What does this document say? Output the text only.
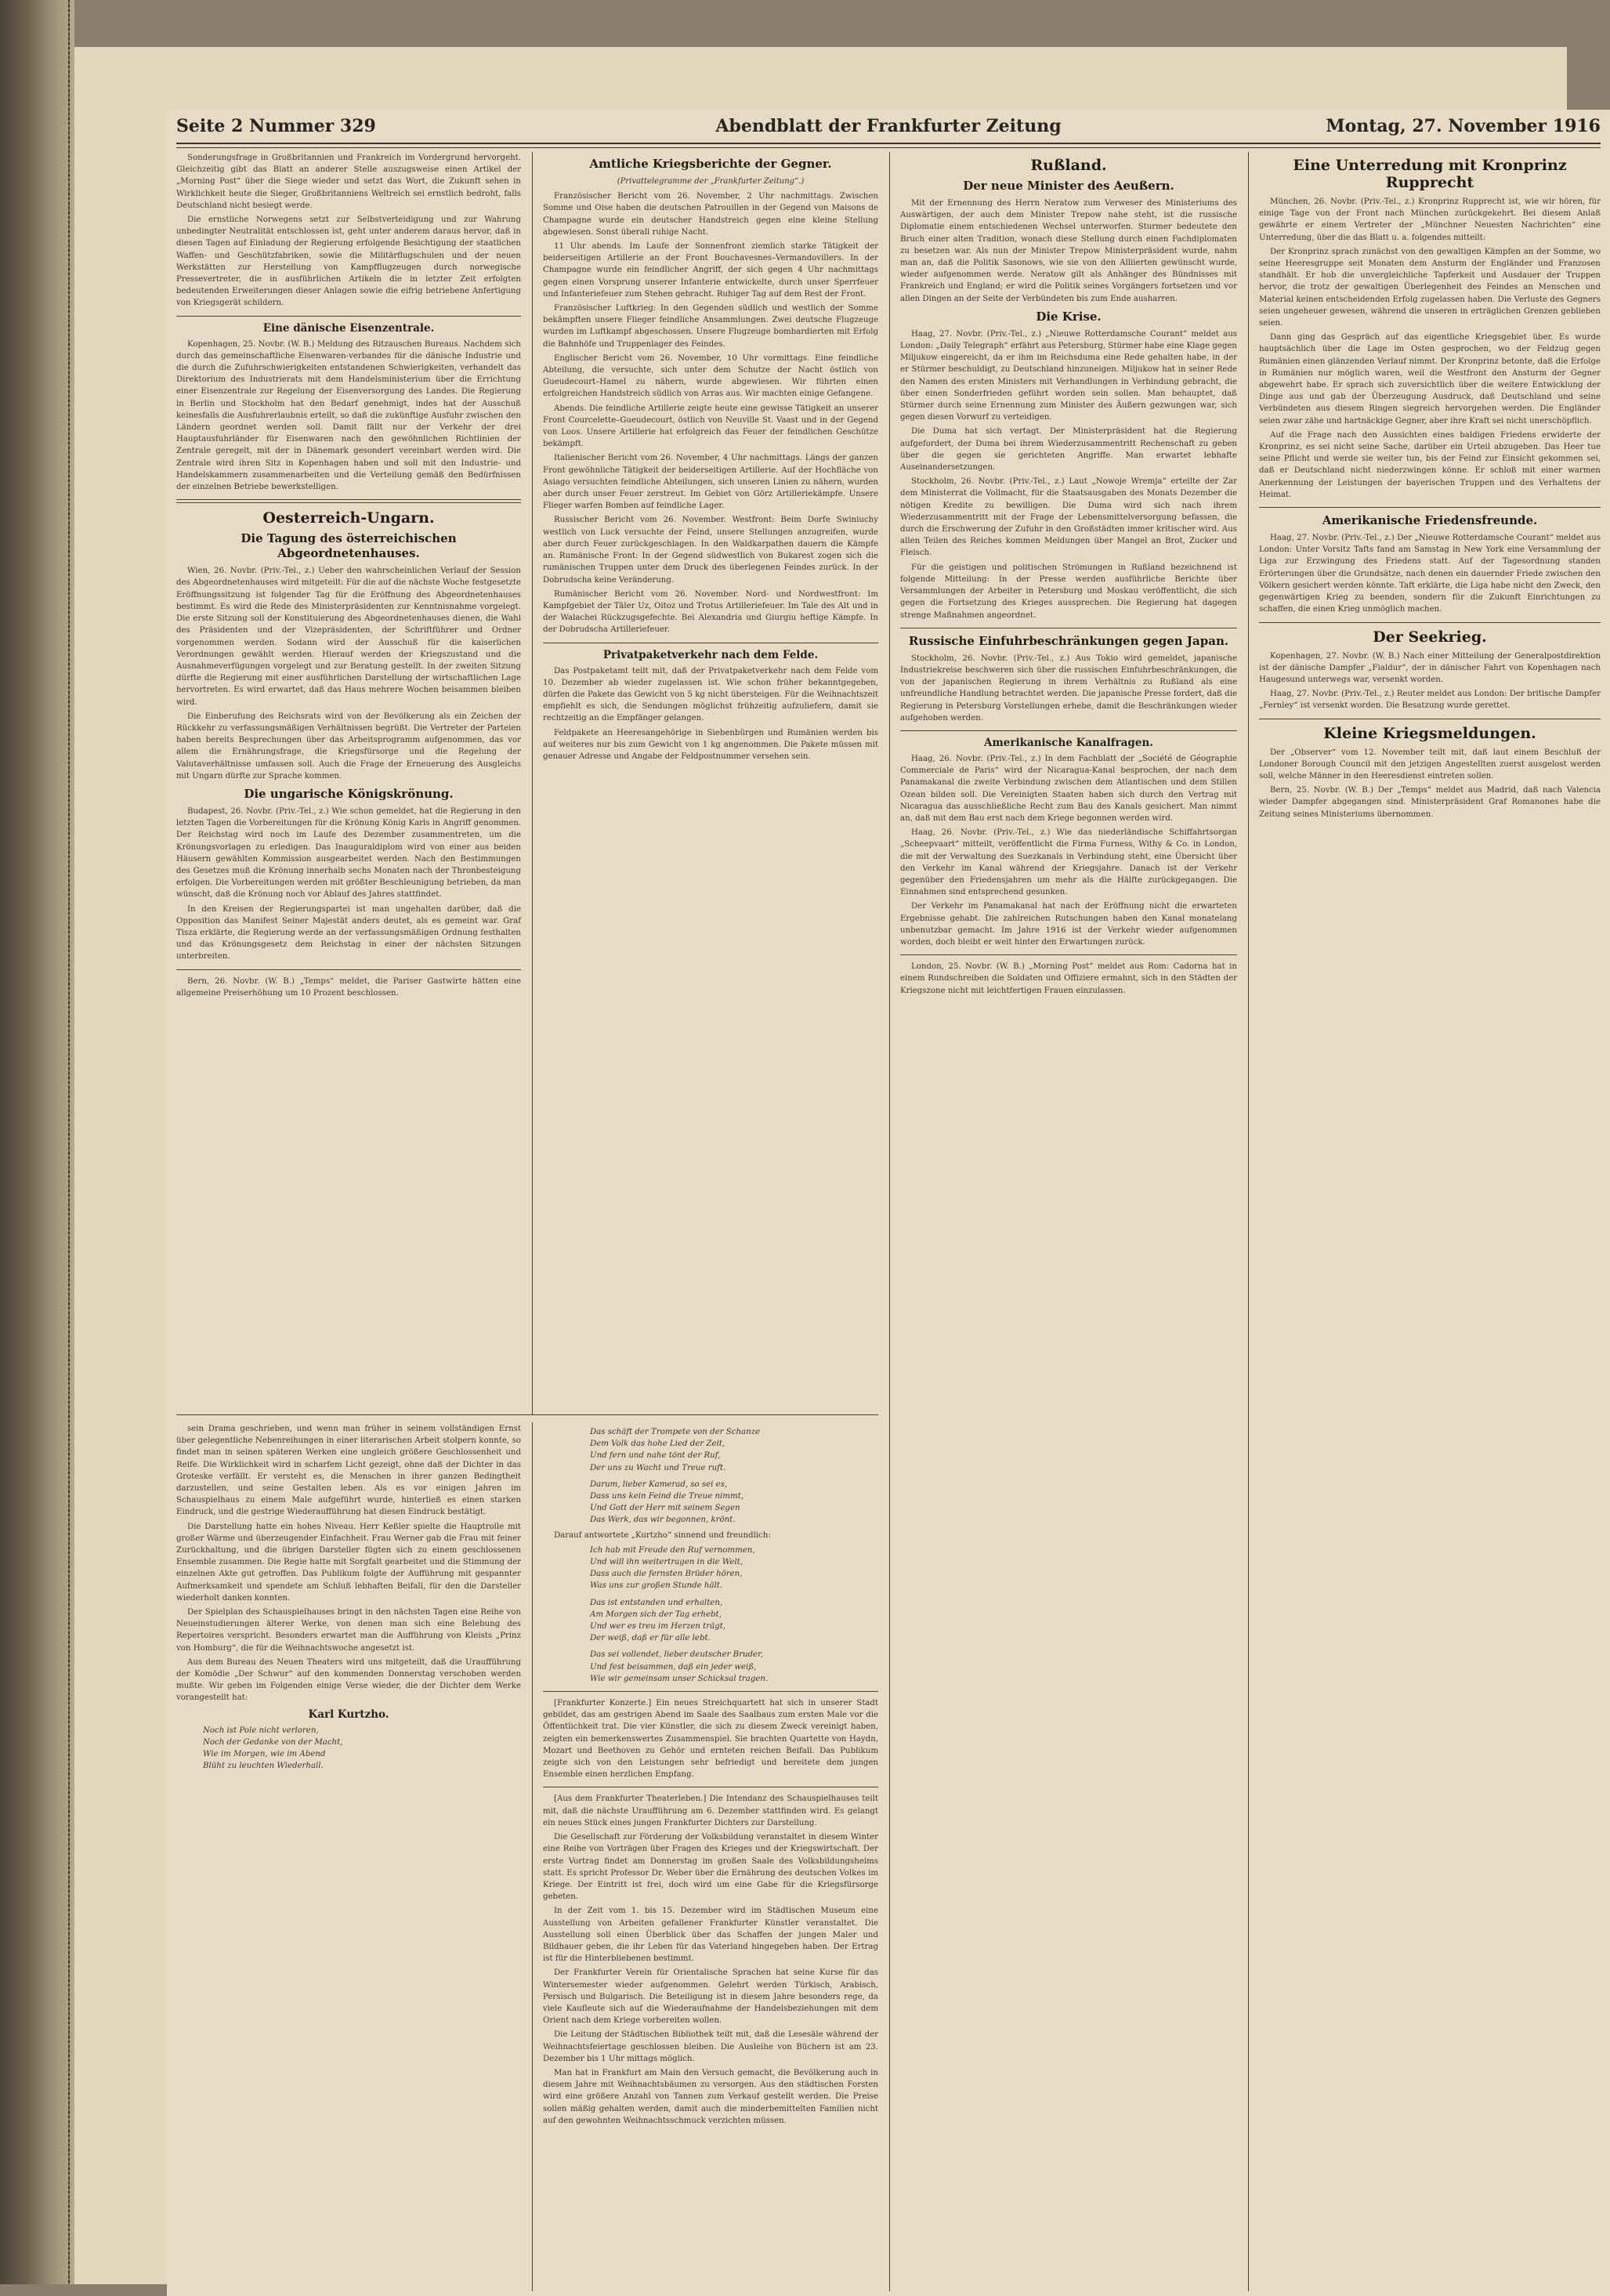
Seite 2 Nummer 329	Abendblatt der Frankfurter Zeitung	Montag, 27. November 1916

Sonderungsfrage in Großbritannien und Frankreich im Vordergrund hervorgeht. Gleichzeitig gibt das Blatt an anderer Stelle auszugsweise einen Artikel der „Morning Post“ über die Siege wieder und setzt das Wort, die Zukunft sehen in Wirklichkeit heute die Sieger, Großbritanniens Weltreich sei ernstlich bedroht, falls Deutschland nicht besiegt werde.

Die ernstliche Norwegens setzt zur Selbstverteidigung und zur Wahrung unbedingter Neutralität entschlossen ist, geht unter anderem daraus hervor, daß in diesen Tagen auf Einladung der Regierung erfolgende Besichtigung der staatlichen Waffen- und Geschützfabriken, sowie die Militärflugschulen und der neuen Werkstätten zur Herstellung von Kampfflugzeugen durch norwegische Pressevertreter, die in ausführlichen Artikeln die in letzter Zeit erfolgten bedeutenden Erweiterungen dieser Anlagen sowie die eifrig betriebene Anfertigung von Kriegsgerät schildern.

Eine dänische Eisenzentrale.

Kopenhagen, 25. Novbr. (W. B.) Meldung des Ritzauschen Bureaus. Nachdem sich durch das gemeinschaftliche Eisenwaren-verbandes für die dänische Industrie und die durch die Zufuhrschwierigkeiten entstandenen Schwierigkeiten, verhandelt das Direktorium des Industrierats mit dem Handelsministerium über die Errichtung einer Eisenzentrale zur Regelung der Eisenversorgung des Landes. Die Regierung in Berlin und Stockholm hat den Bedarf genehmigt, indes hat der Ausschuß keinesfalls die Ausfuhrerlaubnis erteilt, so daß die zukünftige Ausfuhr zwischen den Ländern geordnet werden soll. Damit fällt nur der Verkehr der drei Hauptausfuhrländer für Eisenwaren nach den gewöhnlichen Richtlinien der Zentrale geregelt, mit der in Dänemark gesondert vereinbart werden wird. Die Zentrale wird ihren Sitz in Kopenhagen haben und soll mit den Industrie- und Handelskammern zusammenarbeiten und die Verteilung gemäß den Bedürfnissen der einzelnen Betriebe bewerkstelligen.

Oesterreich-Ungarn.
Die Tagung des österreichischen Abgeordnetenhauses.

Wien, 26. Novbr. (Priv.-Tel., z.) Ueber den wahrscheinlichen Verlauf der Session des Abgeordnetenhauses wird mitgeteilt: Für die auf die nächste Woche festgesetzte Eröffnungssitzung ist folgender Tag für die Eröffnung des Abgeordnetenhauses bestimmt. Es wird die Rede des Ministerpräsidenten zur Kenntnisnahme vorgelegt. Die erste Sitzung soll der Konstituierung des Abgeordnetenhauses dienen, die Wahl des Präsidenten und der Vizepräsidenten, der Schriftführer und Ordner vorgenommen werden. Sodann wird der Ausschuß für die kaiserlichen Verordnungen gewählt werden. Hierauf werden der Kriegszustand und die Ausnahmeverfügungen vorgelegt und zur Beratung gestellt. In der zweiten Sitzung dürfte die Regierung mit einer ausführlichen Darstellung der wirtschaftlichen Lage hervortreten. Es wird erwartet, daß das Haus mehrere Wochen beisammen bleiben wird.

Die Einberufung des Reichsrats wird von der Bevölkerung als ein Zeichen der Rückkehr zu verfassungsmäßigen Verhältnissen begrüßt. Die Vertreter der Parteien haben bereits Besprechungen über das Arbeitsprogramm aufgenommen, das vor allem die Ernährungsfrage, die Kriegsfürsorge und die Regelung der Valutaverhältnisse umfassen soll. Auch die Frage der Erneuerung des Ausgleichs mit Ungarn dürfte zur Sprache kommen.

Die ungarische Königskrönung.

Budapest, 26. Novbr. (Priv.-Tel., z.) Wie schon gemeldet, hat die Regierung in den letzten Tagen die Vorbereitungen für die Krönung König Karls in Angriff genommen. Der Reichstag wird noch im Laufe des Dezember zusammentreten, um die Krönungsvorlagen zu erledigen. Das Inauguraldiplom wird von einer aus beiden Häusern gewählten Kommission ausgearbeitet werden. Nach den Bestimmungen des Gesetzes muß die Krönung innerhalb sechs Monaten nach der Thronbesteigung erfolgen. Die Vorbereitungen werden mit größter Beschleunigung betrieben, da man wünscht, daß die Krönung noch vor Ablauf des Jahres stattfindet.

In den Kreisen der Regierungspartei ist man ungehalten darüber, daß die Opposition das Manifest Seiner Majestät anders deutet, als es gemeint war. Graf Tisza erklärte, die Regierung werde an der verfassungsmäßigen Ordnung festhalten und das Krönungsgesetz dem Reichstag in einer der nächsten Sitzungen unterbreiten.

Bern, 26. Novbr. (W. B.) „Temps“ meldet, die Pariser Gastwirte hätten eine allgemeine Preiserhöhung um 10 Prozent beschlossen.

Amtliche Kriegsberichte der Gegner.
(Privattelegramme der „Frankfurter Zeitung“.)

Französischer Bericht vom 26. November, 2 Uhr nachmittags. Zwischen Somme und Oise haben die deutschen Patrouillen in der Gegend von Maisons de Champagne wurde ein deutscher Handstreich gegen eine kleine Stellung abgewiesen. Sonst überall ruhige Nacht.

11 Uhr abends. Im Laufe der Sonnenfront ziemlich starke Tätigkeit der beiderseitigen Artillerie an der Front Bouchavesnes–Vermandovillers. In der Champagne wurde ein feindlicher Angriff, der sich gegen 4 Uhr nachmittags gegen einen Vorsprung unserer Infanterie entwickelte, durch unser Sperrfeuer und Infanteriefeuer zum Stehen gebracht. Ruhiger Tag auf dem Rest der Front.

Französischer Luftkrieg: In den Gegenden südlich und westlich der Somme bekämpften unsere Flieger feindliche Ansammlungen. Zwei deutsche Flugzeuge wurden im Luftkampf abgeschossen. Unsere Flugzeuge bombardierten mit Erfolg die Bahnhöfe und Truppenlager des Feindes.

Englischer Bericht vom 26. November, 10 Uhr vormittags. Eine feindliche Abteilung, die versuchte, sich unter dem Schutze der Nacht östlich von Gueudecourt–Hamel zu nähern, wurde abgewiesen. Wir führten einen erfolgreichen Handstreich südlich von Arras aus. Wir machten einige Gefangene.

Abends. Die feindliche Artillerie zeigte heute eine gewisse Tätigkeit an unserer Front Courcelette–Gueudecourt, östlich von Neuville St. Vaast und in der Gegend von Loos. Unsere Artillerie hat erfolgreich das Feuer der feindlichen Geschütze bekämpft.

Italienischer Bericht vom 26. November, 4 Uhr nachmittags. Längs der ganzen Front gewöhnliche Tätigkeit der beiderseitigen Artillerie. Auf der Hochfläche von Asiago versuchten feindliche Abteilungen, sich unseren Linien zu nähern, wurden aber durch unser Feuer zerstreut. Im Gebiet von Görz Artilleriekämpfe. Unsere Flieger warfen Bomben auf feindliche Lager.

Russischer Bericht vom 26. November. Westfront: Beim Dorfe Swiniuchy westlich von Luck versuchte der Feind, unsere Stellungen anzugreifen, wurde aber durch Feuer zurückgeschlagen. In den Waldkarpathen dauern die Kämpfe an. Rumänische Front: In der Gegend südwestlich von Bukarest zogen sich die rumänischen Truppen unter dem Druck des überlegenen Feindes zurück. In der Dobrudscha keine Veränderung.

Rumänischer Bericht vom 26. November. Nord- und Nordwestfront: Im Kampfgebiet der Täler Uz, Oitoz und Trotus Artilleriefeuer. Im Tale des Alt und in der Walachei Rückzugsgefechte. Bei Alexandria und Giurgiu heftige Kämpfe. In der Dobrudscha Artilleriefeuer.

Privatpaketverkehr nach dem Felde.

Das Postpaketamt teilt mit, daß der Privatpaketverkehr nach dem Felde vom 10. Dezember ab wieder zugelassen ist. Wie schon früher bekanntgegeben, dürfen die Pakete das Gewicht von 5 kg nicht übersteigen. Für die Weihnachtszeit empfiehlt es sich, die Sendungen möglichst frühzeitig aufzuliefern, damit sie rechtzeitig an die Empfänger gelangen.

Feldpakete an Heeresangehörige in Siebenbürgen und Rumänien werden bis auf weiteres nur bis zum Gewicht von 1 kg angenommen. Die Pakete müssen mit genauer Adresse und Angabe der Feldpostnummer versehen sein.

Rußland.
Der neue Minister des Aeußern.

Mit der Ernennung des Herrn Neratow zum Verweser des Ministeriums des Auswärtigen, der auch dem Minister Trepow nahe steht, ist die russische Diplomatie einem entschiedenen Wechsel unterworfen. Sturmer bedeutete den Bruch einer alten Tradition, wonach diese Stellung durch einen Fachdiplomaten zu besetzen war. Als nun der Minister Trepow Ministerpräsident wurde, nahm man an, daß die Politik Sasonows, wie sie von den Alliierten gewünscht wurde, wieder aufgenommen werde. Neratow gilt als Anhänger des Bündnisses mit Frankreich und England; er wird die Politik seines Vorgängers fortsetzen und vor allen Dingen an der Seite der Verbündeten bis zum Ende ausharren.

Die Krise.

Haag, 27. Novbr. (Priv.-Tel., z.) „Nieuwe Rotterdamsche Courant“ meldet aus London: „Daily Telegraph“ erfährt aus Petersburg, Stürmer habe eine Klage gegen Miljukow eingereicht, da er ihm im Reichsduma eine Rede gehalten habe, in der er Stürmer beschuldigt, zu Deutschland hinzuneigen. Miljukow hat in seiner Rede den Namen des ersten Ministers mit Verhandlungen in Verbindung gebracht, die über einen Sonderfrieden geführt worden sein sollen. Man behauptet, daß Stürmer durch seine Ernennung zum Minister des Äußern gezwungen war, sich gegen diesen Vorwurf zu verteidigen.

Die Duma hat sich vertagt. Der Ministerpräsident hat die Regierung aufgefordert, der Duma bei ihrem Wiederzusammentritt Rechenschaft zu geben über die gegen sie gerichteten Angriffe. Man erwartet lebhafte Auseinandersetzungen.

Stockholm, 26. Novbr. (Priv.-Tel., z.) Laut „Nowoje Wremja“ erteilte der Zar dem Ministerrat die Vollmacht, für die Staatsausgaben des Monats Dezember die nötigen Kredite zu bewilligen. Die Duma wird sich nach ihrem Wiederzusammentritt mit der Frage der Lebensmittelversorgung befassen, die durch die Erschwerung der Zufuhr in den Großstädten immer kritischer wird. Aus allen Teilen des Reiches kommen Meldungen über Mangel an Brot, Zucker und Fleisch.

Für die geistigen und politischen Strömungen in Rußland bezeichnend ist folgende Mitteilung: In der Presse werden ausführliche Berichte über Versammlungen der Arbeiter in Petersburg und Moskau veröffentlicht, die sich gegen die Fortsetzung des Krieges aussprechen. Die Regierung hat dagegen strenge Maßnahmen angeordnet.

Russische Einfuhrbeschränkungen gegen Japan.

Stockholm, 26. Novbr. (Priv.-Tel., z.) Aus Tokio wird gemeldet, japanische Industriekreise beschweren sich über die russischen Einfuhrbeschränkungen, die von der japanischen Regierung in ihrem Verhältnis zu Rußland als eine unfreundliche Handlung betrachtet werden. Die japanische Presse fordert, daß die Regierung in Petersburg Vorstellungen erhebe, damit die Beschränkungen wieder aufgehoben werden.

Amerikanische Kanalfragen.

Haag, 26. Novbr. (Priv.-Tel., z.) In dem Fachblatt der „Société de Géographie Commerciale de Paris“ wird der Nicaragua-Kanal besprochen, der nach dem Panamakanal die zweite Verbindung zwischen dem Atlantischen und dem Stillen Ozean bilden soll. Die Vereinigten Staaten haben sich durch den Vertrag mit Nicaragua das ausschließliche Recht zum Bau des Kanals gesichert. Man nimmt an, daß mit dem Bau erst nach dem Kriege begonnen werden wird.

Haag, 26. Novbr. (Priv.-Tel., z.) Wie das niederländische Schiffahrtsorgan „Scheepvaart“ mitteilt, veröffentlicht die Firma Furness, Withy & Co. in London, die mit der Verwaltung des Suezkanals in Verbindung steht, eine Übersicht über den Verkehr im Kanal während der Kriegsjahre. Danach ist der Verkehr gegenüber den Friedensjahren um mehr als die Hälfte zurückgegangen. Die Einnahmen sind entsprechend gesunken.

Der Verkehr im Panamakanal hat nach der Eröffnung nicht die erwarteten Ergebnisse gehabt. Die zahlreichen Rutschungen haben den Kanal monatelang unbenutzbar gemacht. Im Jahre 1916 ist der Verkehr wieder aufgenommen worden, doch bleibt er weit hinter den Erwartungen zurück.

London, 25. Novbr. (W. B.) „Morning Post“ meldet aus Rom: Cadorna hat in einem Rundschreiben die Soldaten und Offiziere ermahnt, sich in den Städten der Kriegszone nicht mit leichtfertigen Frauen einzulassen.

Eine Unterredung mit Kronprinz Rupprecht

München, 26. Novbr. (Priv.-Tel., z.) Kronprinz Rupprecht ist, wie wir hören, für einige Tage von der Front nach München zurückgekehrt. Bei diesem Anlaß gewährte er einem Vertreter der „Münchner Neuesten Nachrichten“ eine Unterredung, über die das Blatt u. a. folgendes mitteilt:

Der Kronprinz sprach zunächst von den gewaltigen Kämpfen an der Somme, wo seine Heeresgruppe seit Monaten dem Ansturm der Engländer und Franzosen standhält. Er hob die unvergleichliche Tapferkeit und Ausdauer der Truppen hervor, die trotz der gewaltigen Überlegenheit des Feindes an Menschen und Material keinen entscheidenden Erfolg zugelassen haben. Die Verluste des Gegners seien ungeheuer gewesen, während die unseren in erträglichen Grenzen geblieben seien.

Dann ging das Gespräch auf das eigentliche Kriegsgebiet über. Es wurde hauptsächlich über die Lage im Osten gesprochen, wo der Feldzug gegen Rumänien einen glänzenden Verlauf nimmt. Der Kronprinz betonte, daß die Erfolge in Rumänien nur möglich waren, weil die Westfront den Ansturm der Gegner abgewehrt habe. Er sprach sich zuversichtlich über die weitere Entwicklung der Dinge aus und gab der Überzeugung Ausdruck, daß Deutschland und seine Verbündeten aus diesem Ringen siegreich hervorgehen werden. Die Engländer seien zwar zähe und hartnäckige Gegner, aber ihre Kraft sei nicht unerschöpflich.

Auf die Frage nach den Aussichten eines baldigen Friedens erwiderte der Kronprinz, es sei nicht seine Sache, darüber ein Urteil abzugeben. Das Heer tue seine Pflicht und werde sie weiter tun, bis der Feind zur Einsicht gekommen sei, daß er Deutschland nicht niederzwingen könne. Er schloß mit einer warmen Anerkennung der Leistungen der bayerischen Truppen und des Verhaltens der Heimat.

Amerikanische Friedensfreunde.

Haag, 27. Novbr. (Priv.-Tel., z.) Der „Nieuwe Rotterdamsche Courant“ meldet aus London: Unter Vorsitz Tafts fand am Samstag in New York eine Versammlung der Liga zur Erzwingung des Friedens statt. Auf der Tagesordnung standen Erörterungen über die Grundsätze, nach denen ein dauernder Friede zwischen den Völkern gesichert werden könnte. Taft erklärte, die Liga habe nicht den Zweck, den gegenwärtigen Krieg zu beenden, sondern für die Zukunft Einrichtungen zu schaffen, die einen Krieg unmöglich machen.

Der Seekrieg.

Kopenhagen, 27. Novbr. (W. B.) Nach einer Mitteilung der Generalpostdirektion ist der dänische Dampfer „Fialdur“, der in dänischer Fahrt von Kopenhagen nach Haugesund unterwegs war, versenkt worden.

Haag, 27. Novbr. (Priv.-Tel., z.) Reuter meldet aus London: Der britische Dampfer „Fernley“ ist versenkt worden. Die Besatzung wurde gerettet.

Kleine Kriegsmeldungen.

Der „Observer“ vom 12. November teilt mit, daß laut einem Beschluß der Londoner Borough Council mit den jetzigen Angestellten zuerst ausgelost werden soll, welche Männer in den Heeresdienst eintreten sollen.

Bern, 25. Novbr. (W. B.) Der „Temps“ meldet aus Madrid, daß nach Valencia wieder Dampfer abgegangen sind. Ministerpräsident Graf Romanones habe die Zeitung seines Ministeriums übernommen.

sein Drama geschrieben, und wenn man früher in seinem vollständigen Ernst über gelegentliche Nebenreihungen in einer literarischen Arbeit stolpern konnte, so findet man in seinen späteren Werken eine ungleich größere Geschlossenheit und Reife. Die Wirklichkeit wird in scharfem Licht gezeigt, ohne daß der Dichter in das Groteske verfällt. Er versteht es, die Menschen in ihrer ganzen Bedingtheit darzustellen, und seine Gestalten leben. Als es vor einigen Jahren im Schauspielhaus zu einem Male aufgeführt wurde, hinterließ es einen starken Eindruck, und die gestrige Wiederaufführung hat diesen Eindruck bestätigt.

Die Darstellung hatte ein hohes Niveau. Herr Keßler spielte die Hauptrolle mit großer Wärme und überzeugender Einfachheit. Frau Werner gab die Frau mit feiner Zurückhaltung, und die übrigen Darsteller fügten sich zu einem geschlossenen Ensemble zusammen. Die Regie hatte mit Sorgfalt gearbeitet und die Stimmung der einzelnen Akte gut getroffen. Das Publikum folgte der Aufführung mit gespannter Aufmerksamkeit und spendete am Schluß lebhaften Beifall, für den die Darsteller wiederholt danken konnten.

Der Spielplan des Schauspielhauses bringt in den nächsten Tagen eine Reihe von Neueinstudierungen älterer Werke, von denen man sich eine Belebung des Repertoires verspricht. Besonders erwartet man die Aufführung von Kleists „Prinz von Homburg“, die für die Weihnachtswoche angesetzt ist.

Aus dem Bureau des Neuen Theaters wird uns mitgeteilt, daß die Uraufführung der Komödie „Der Schwur“ auf den kommenden Donnerstag verschoben werden mußte. Wir geben im Folgenden einige Verse wieder, die der Dichter dem Werke vorangestellt hat:

Karl Kurtzho.
Noch ist Pole nicht verloren,
Noch der Gedanke von der Macht,
Wie im Morgen, wie im Abend
Blüht zu leuchten Wiederhall.
Das schäft der Trompete von der Schanze
Dem Volk das hohe Lied der Zeit,
Und fern und nahe tönt der Ruf,
Der uns zu Wacht und Treue ruft.
Darum, lieber Kamerad, so sei es,
Dass uns kein Feind die Treue nimmt,
Und Gott der Herr mit seinem Segen
Das Werk, das wir begonnen, krönt.

Darauf antwortete „Kurtzho“ sinnend und freundlich:

Ich hab mit Freude den Ruf vernommen,
Und will ihn weitertragen in die Welt,
Dass auch die fernsten Brüder hören,
Was uns zur großen Stunde hält.
Das ist entstanden und erhalten,
Am Morgen sich der Tag erhebt,
Und wer es treu im Herzen trägt,
Der weiß, daß er für alle lebt.
Das sei vollendet, lieber deutscher Bruder,
Und fest beisammen, daß ein jeder weiß,
Wie wir gemeinsam unser Schicksal tragen.

[Frankfurter Konzerte.] Ein neues Streichquartett hat sich in unserer Stadt gebildet, das am gestrigen Abend im Saale des Saalbaus zum ersten Male vor die Öffentlichkeit trat. Die vier Künstler, die sich zu diesem Zweck vereinigt haben, zeigten ein bemerkenswertes Zusammenspiel. Sie brachten Quartette von Haydn, Mozart und Beethoven zu Gehör und ernteten reichen Beifall. Das Publikum zeigte sich von den Leistungen sehr befriedigt und bereitete dem jungen Ensemble einen herzlichen Empfang.

[Aus dem Frankfurter Theaterleben.] Die Intendanz des Schauspielhauses teilt mit, daß die nächste Uraufführung am 6. Dezember stattfinden wird. Es gelangt ein neues Stück eines jungen Frankfurter Dichters zur Darstellung.

Die Gesellschaft zur Förderung der Volksbildung veranstaltet in diesem Winter eine Reihe von Vorträgen über Fragen des Krieges und der Kriegswirtschaft. Der erste Vortrag findet am Donnerstag im großen Saale des Volksbildungsheims statt. Es spricht Professor Dr. Weber über die Ernährung des deutschen Volkes im Kriege. Der Eintritt ist frei, doch wird um eine Gabe für die Kriegsfürsorge gebeten.

In der Zeit vom 1. bis 15. Dezember wird im Städtischen Museum eine Ausstellung von Arbeiten gefallener Frankfurter Künstler veranstaltet. Die Ausstellung soll einen Überblick über das Schaffen der jungen Maler und Bildhauer geben, die ihr Leben für das Vaterland hingegeben haben. Der Ertrag ist für die Hinterbliebenen bestimmt.

Der Frankfurter Verein für Orientalische Sprachen hat seine Kurse für das Wintersemester wieder aufgenommen. Gelehrt werden Türkisch, Arabisch, Persisch und Bulgarisch. Die Beteiligung ist in diesem Jahre besonders rege, da viele Kaufleute sich auf die Wiederaufnahme der Handelsbeziehungen mit dem Orient nach dem Kriege vorbereiten wollen.

Die Leitung der Städtischen Bibliothek teilt mit, daß die Lesesäle während der Weihnachtsfeiertage geschlossen bleiben. Die Ausleihe von Büchern ist am 23. Dezember bis 1 Uhr mittags möglich.

Man hat in Frankfurt am Main den Versuch gemacht, die Bevölkerung auch in diesem Jahre mit Weihnachtsbäumen zu versorgen. Aus den städtischen Forsten wird eine größere Anzahl von Tannen zum Verkauf gestellt werden. Die Preise sollen mäßig gehalten werden, damit auch die minderbemittelten Familien nicht auf den gewohnten Weihnachtsschmuck verzichten müssen.
